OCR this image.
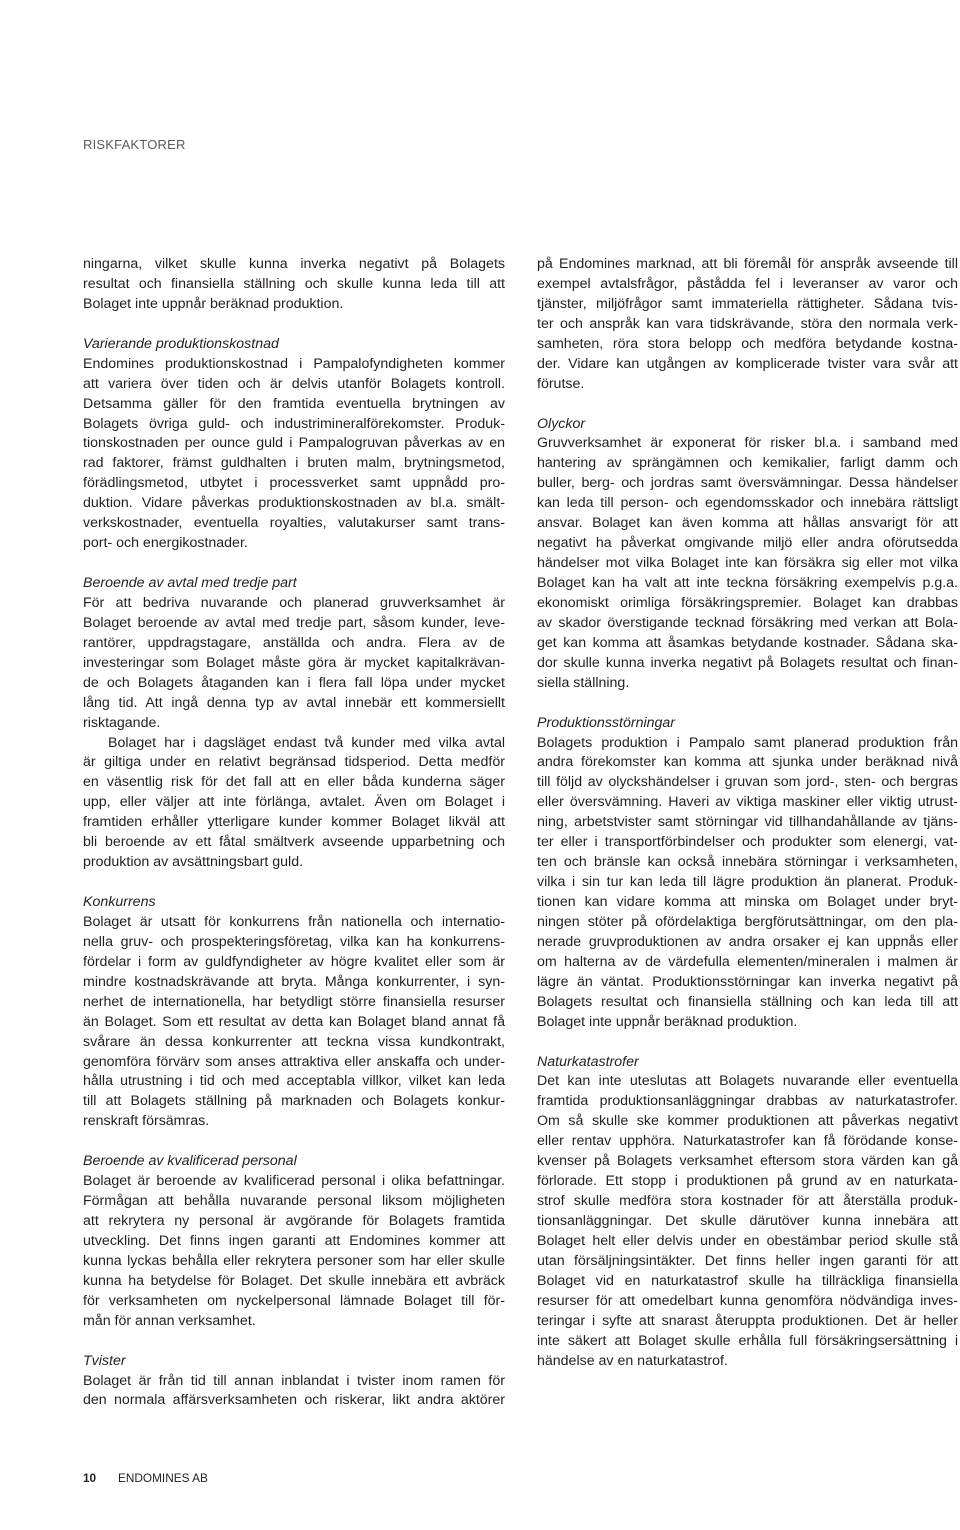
RISKFAKTORER
ningarna, vilket skulle kunna inverka negativt på Bolagets
resultat och finansiella ställning och skulle kunna leda till att
Bolaget inte uppnår beräknad produktion.
Varierande produktionskostnad
Endomines produktionskostnad i Pampalofyndigheten kommer
att variera över tiden och är delvis utanför Bolagets kontroll.
Detsamma gäller för den framtida eventuella brytningen av
Bolagets övriga guld- och industrimineralförekomster. Produk-
tionskostnaden per ounce guld i Pampalogruvan påverkas av en
rad faktorer, främst guldhalten i bruten malm, brytningsmetod,
förädlingsmetod, utbytet i processverket samt uppnådd pro-
duktion. Vidare påverkas produktionskostnaden av bl.a. smält-
verkskostnader, eventuella royalties, valutakurser samt trans-
port- och energikostnader.
Beroende av avtal med tredje part
För att bedriva nuvarande och planerad gruvverksamhet är
Bolaget beroende av avtal med tredje part, såsom kunder, leve-
rantörer, uppdragstagare, anställda och andra. Flera av de
investeringar som Bolaget måste göra är mycket kapitalkrävan-
de och Bolagets åtaganden kan i flera fall löpa under mycket
lång tid. Att ingå denna typ av avtal innebär ett kommersiellt
risktagande.
Bolaget har i dagsläget endast två kunder med vilka avtal
är giltiga under en relativt begränsad tidsperiod. Detta medför
en väsentlig risk för det fall att en eller båda kunderna säger
upp, eller väljer att inte förlänga, avtalet. Även om Bolaget i
framtiden erhåller ytterligare kunder kommer Bolaget likväl att
bli beroende av ett fåtal smältverk avseende upparbetning och
produktion av avsättningsbart guld.
Konkurrens
Bolaget är utsatt för konkurrens från nationella och internatio-
nella gruv- och prospekteringsföretag, vilka kan ha konkurrens-
fördelar i form av guldfyndigheter av högre kvalitet eller som är
mindre kostnadskrävande att bryta. Många konkurrenter, i syn-
nerhet de internationella, har betydligt större finansiella resurser
än Bolaget. Som ett resultat av detta kan Bolaget bland annat få
svårare än dessa konkurrenter att teckna vissa kundkontrakt,
genomföra förvärv som anses attraktiva eller anskaffa och under-
hålla utrustning i tid och med acceptabla villkor, vilket kan leda
till att Bolagets ställning på marknaden och Bolagets konkur-
renskraft försämras.
Beroende av kvalificerad personal
Bolaget är beroende av kvalificerad personal i olika befattningar.
Förmågan att behålla nuvarande personal liksom möjligheten
att rekrytera ny personal är avgörande för Bolagets framtida
utveckling. Det finns ingen garanti att Endomines kommer att
kunna lyckas behålla eller rekrytera personer som har eller skulle
kunna ha betydelse för Bolaget. Det skulle innebära ett avbräck
för verksamheten om nyckelpersonal lämnade Bolaget till för-
mån för annan verksamhet.
Tvister
Bolaget är från tid till annan inblandat i tvister inom ramen för
den normala affärsverksamheten och riskerar, likt andra aktörer
på Endomines marknad, att bli föremål för anspråk avseende till
exempel avtalsfrågor, påstådda fel i leveranser av varor och
tjänster, miljöfrågor samt immateriella rättigheter. Sådana tvis-
ter och anspråk kan vara tidskrävande, störa den normala verk-
samheten, röra stora belopp och medföra betydande kostna-
der. Vidare kan utgången av komplicerade tvister vara svår att
förutse.
Olyckor
Gruvverksamhet är exponerat för risker bl.a. i samband med
hantering av sprängämnen och kemikalier, farligt damm och
buller, berg- och jordras samt översvämningar. Dessa händelser
kan leda till person- och egendomsskador och innebära rättsligt
ansvar. Bolaget kan även komma att hållas ansvarigt för att
negativt ha påverkat omgivande miljö eller andra oförutsedda
händelser mot vilka Bolaget inte kan försäkra sig eller mot vilka
Bolaget kan ha valt att inte teckna försäkring exempelvis p.g.a.
ekonomiskt orimliga försäkringspremier. Bolaget kan drabbas
av skador överstigande tecknad försäkring med verkan att Bola-
get kan komma att åsamkas betydande kostnader. Sådana ska-
dor skulle kunna inverka negativt på Bolagets resultat och finan-
siella ställning.
Produktionsstörningar
Bolagets produktion i Pampalo samt planerad produktion från
andra förekomster kan komma att sjunka under beräknad nivå
till följd av olyckshändelser i gruvan som jord-, sten- och bergras
eller översvämning. Haveri av viktiga maskiner eller viktig utrust-
ning, arbetstvister samt störningar vid tillhandahållande av tjäns-
ter eller i transportförbindelser och produkter som elenergi, vat-
ten och bränsle kan också innebära störningar i verksamheten,
vilka i sin tur kan leda till lägre produktion än planerat. Produk-
tionen kan vidare komma att minska om Bolaget under bryt-
ningen stöter på ofördelaktiga bergförutsättningar, om den pla-
nerade gruvproduktionen av andra orsaker ej kan uppnås eller
om halterna av de värdefulla elementen/mineralen i malmen är
lägre än väntat. Produktionsstörningar kan inverka negativt på
Bolagets resultat och finansiella ställning och kan leda till att
Bolaget inte uppnår beräknad produktion.
Naturkatastrofer
Det kan inte uteslutas att Bolagets nuvarande eller eventuella
framtida produktionsanläggningar drabbas av naturkatastrofer.
Om så skulle ske kommer produktionen att påverkas negativt
eller rentav upphöra. Naturkatastrofer kan få förödande konse-
kvenser på Bolagets verksamhet eftersom stora värden kan gå
förlorade. Ett stopp i produktionen på grund av en naturkata-
strof skulle medföra stora kostnader för att återställa produk-
tionsanläggningar. Det skulle därutöver kunna innebära att
Bolaget helt eller delvis under en obestämbar period skulle stå
utan försäljningsintäkter. Det finns heller ingen garanti för att
Bolaget vid en naturkatastrof skulle ha tillräckliga finansiella
resurser för att omedelbart kunna genomföra nödvändiga inves-
teringar i syfte att snarast återuppta produktionen. Det är heller
inte säkert att Bolaget skulle erhålla full försäkringsersättning i
händelse av en naturkatastrof.
10 ENDOMINES AB
